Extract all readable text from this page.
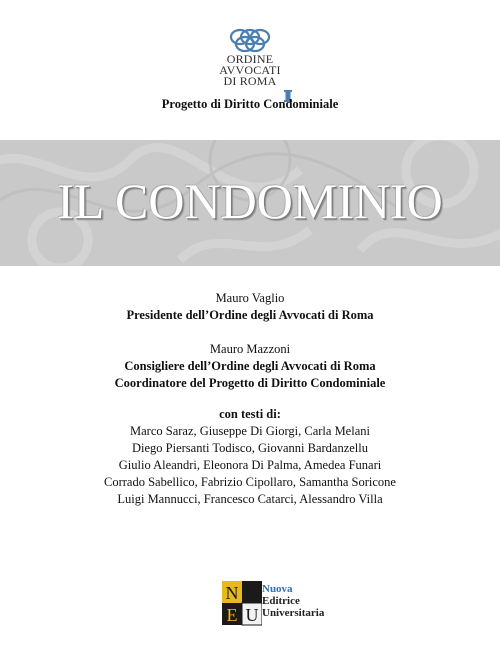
ORDINE
AVVOCATI
DI ROMA
Progetto di Diritto Condominiale
IL CONDOMINIO
Mauro Vaglio
Presidente dell’Ordine degli Avvocati di Roma
Mauro Mazzoni
Consigliere dell’Ordine degli Avvocati di Roma
Coordinatore del Progetto di Diritto Condominiale
con testi di:
Marco Saraz, Giuseppe Di Giorgi, Carla Melani
Diego Piersanti Todisco, Giovanni Bardanzellu
Giulio Aleandri, Eleonora Di Palma, Amedea Funari
Corrado Sabellico, Fabrizio Cipollaro, Samantha Soricone
Luigi Mannucci, Francesco Catarci, Alessandro Villa
N
E U
Nuova
Editrice
Universitaria
